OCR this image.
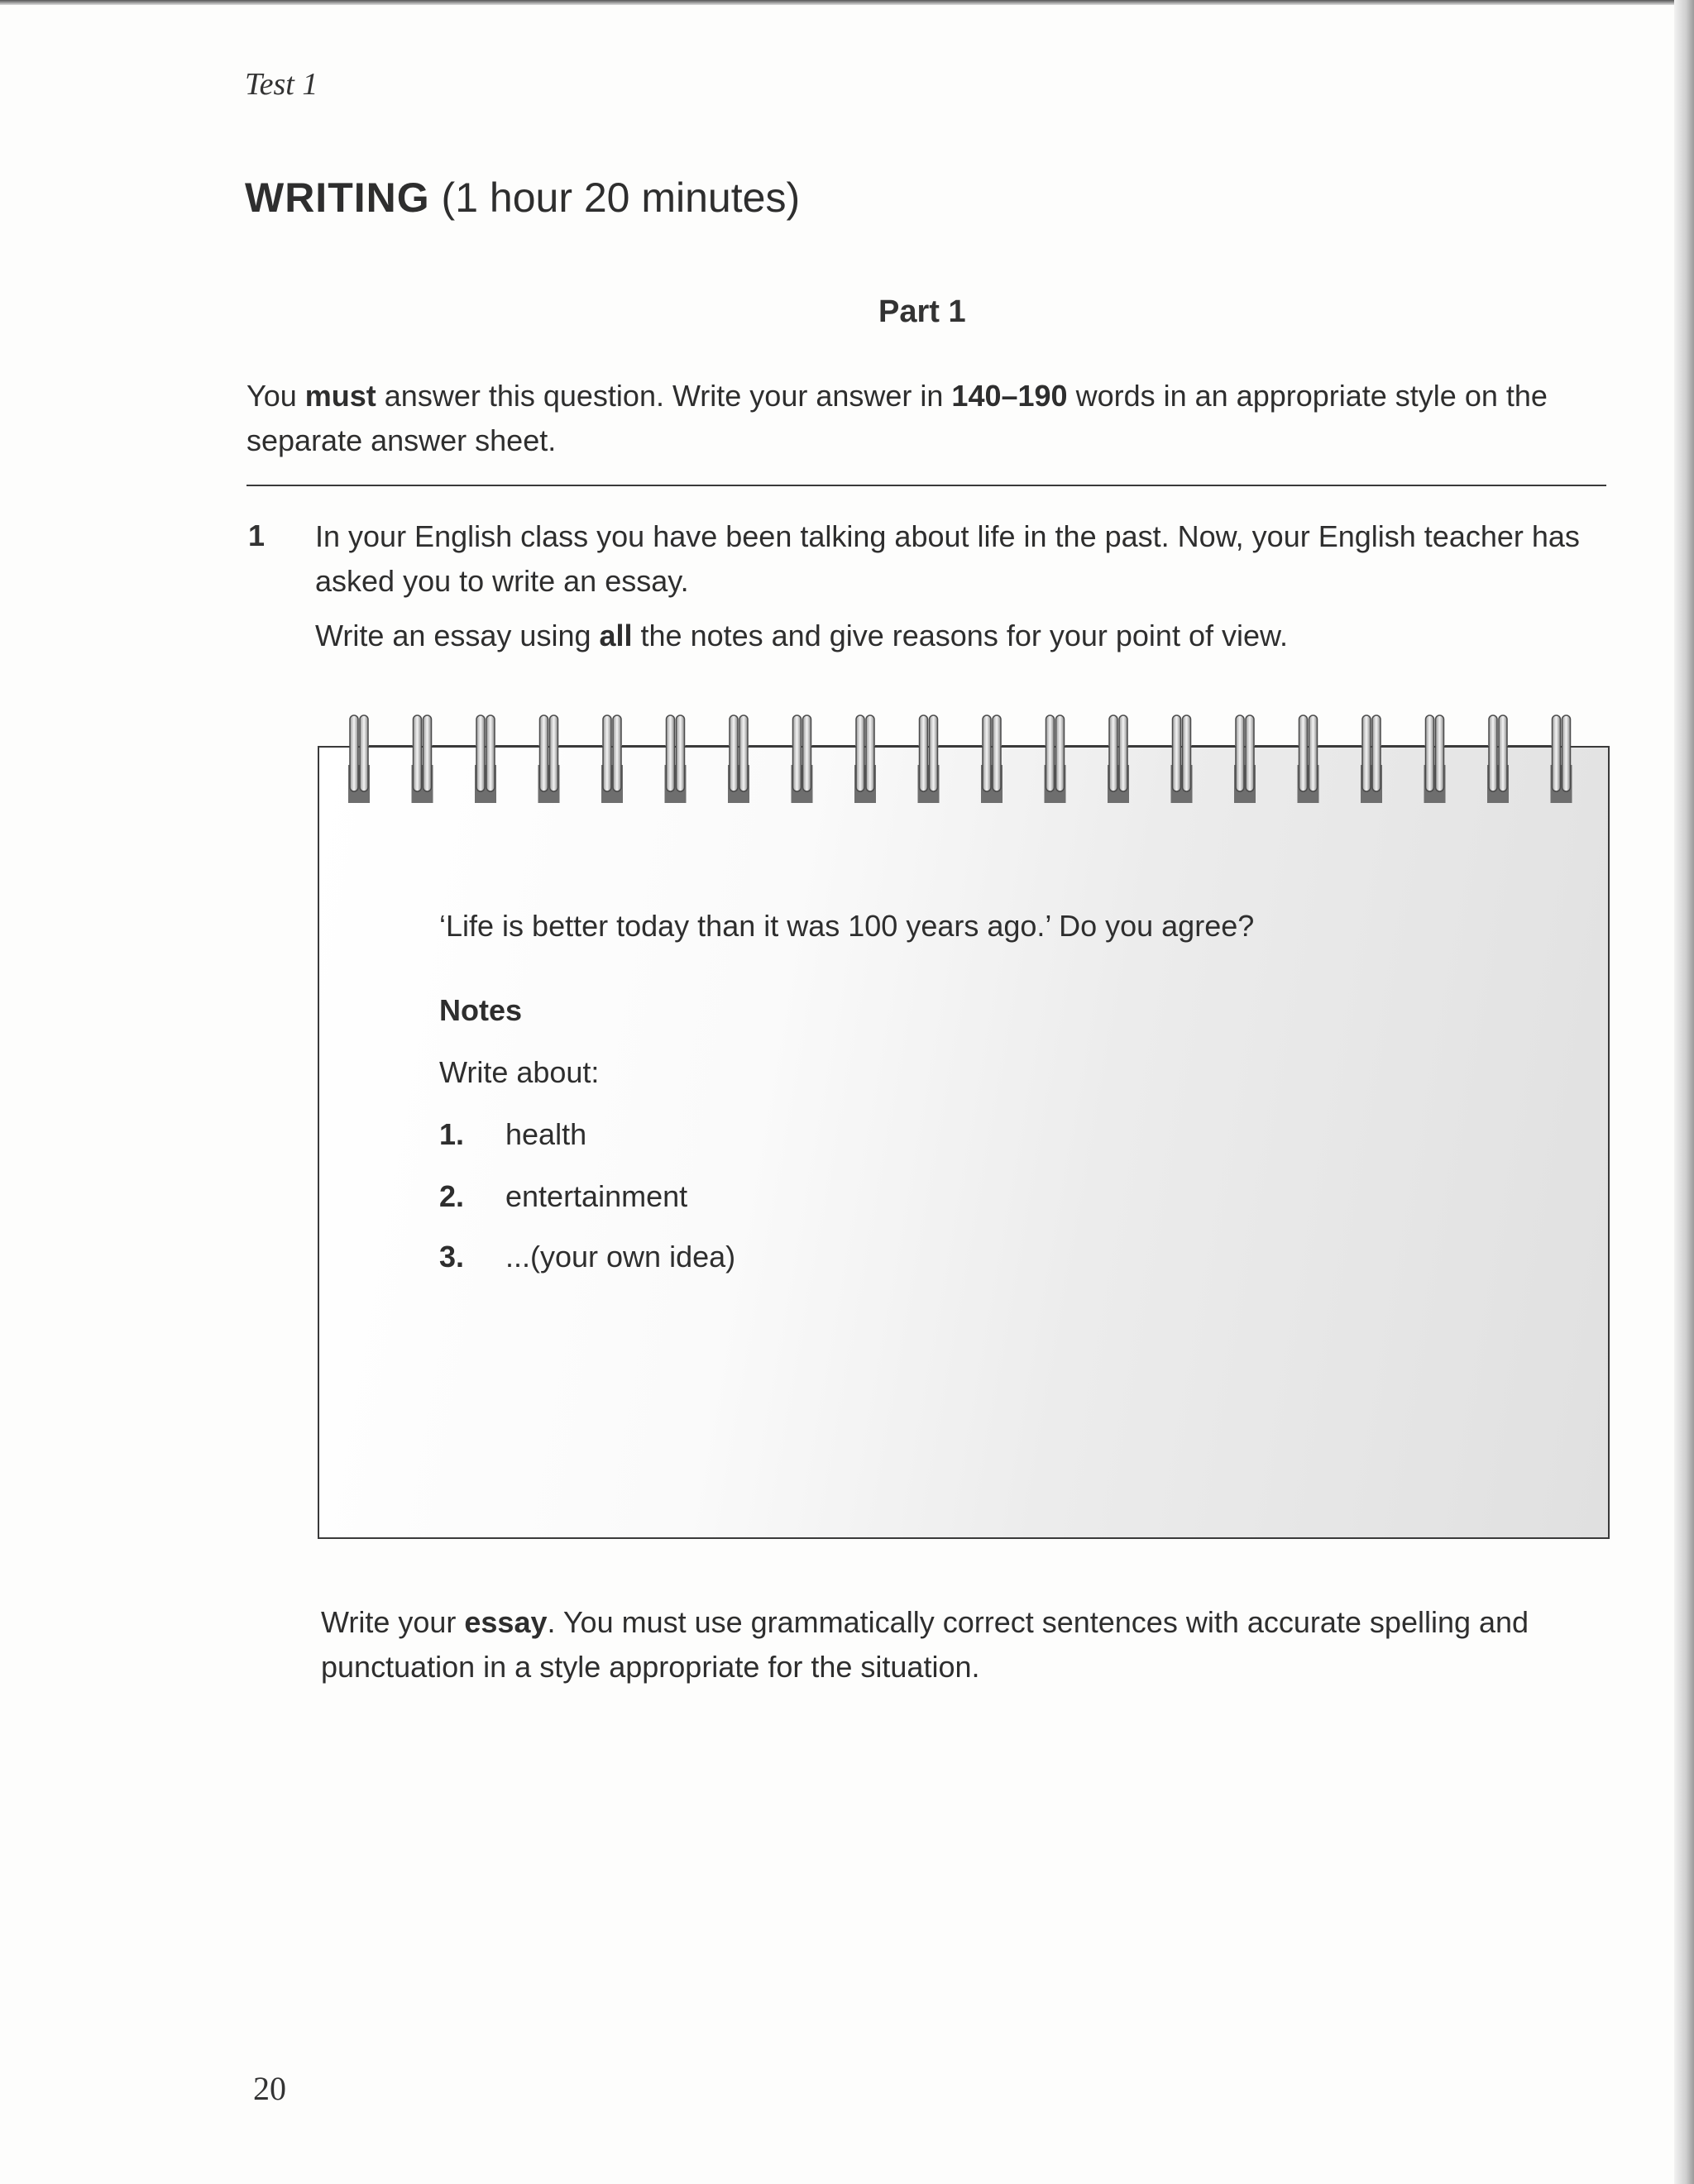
Test 1
WRITING (1 hour 20 minutes)
Part 1
You must answer this question. Write your answer in 140–190 words in an appropriate style on the separate answer sheet.
1 In your English class you have been talking about life in the past. Now, your English teacher has asked you to write an essay.
Write an essay using all the notes and give reasons for your point of view.
‘Life is better today than it was 100 years ago.’ Do you agree?
Notes
Write about:
1. health
2. entertainment
3. ...(your own idea)
Write your essay. You must use grammatically correct sentences with accurate spelling and punctuation in a style appropriate for the situation.
20
